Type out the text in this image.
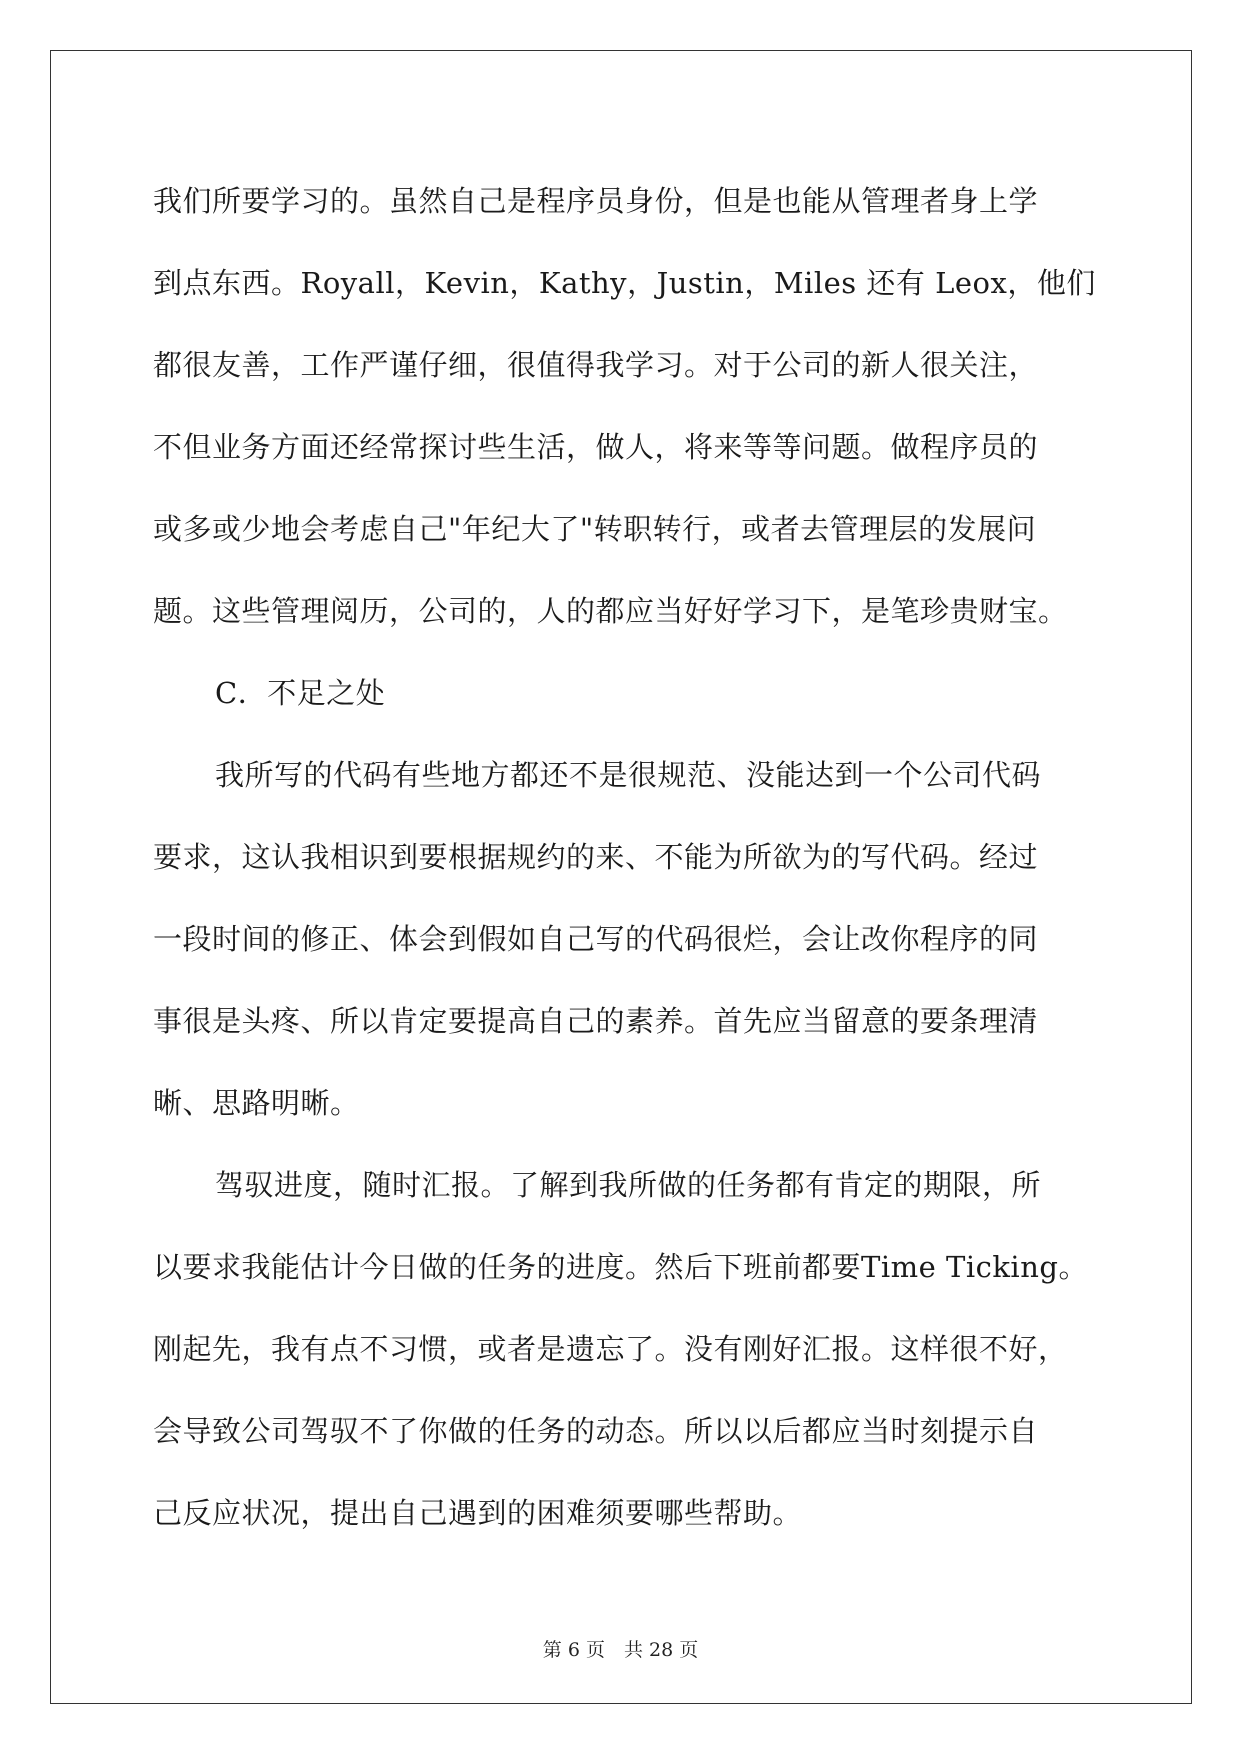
我们所要学习的。虽然自己是程序员身份，但是也能从管理者身上学
到点东西。Royall，Kevin，Kathy，Justin，Miles 还有 Leox，他们
都很友善，工作严谨仔细，很值得我学习。对于公司的新人很关注，
不但业务方面还经常探讨些生活，做人，将来等等问题。做程序员的
或多或少地会考虑自己"年纪大了"转职转行，或者去管理层的发展问
题。这些管理阅历，公司的，人的都应当好好学习下，是笔珍贵财宝。
C．不足之处
我所写的代码有些地方都还不是很规范、没能达到一个公司代码
要求，这认我相识到要根据规约的来、不能为所欲为的写代码。经过
一段时间的修正、体会到假如自己写的代码很烂，会让改你程序的同
事很是头疼、所以肯定要提高自己的素养。首先应当留意的要条理清
晰、思路明晰。
驾驭进度，随时汇报。了解到我所做的任务都有肯定的期限，所
以要求我能估计今日做的任务的进度。然后下班前都要Time Ticking。
刚起先，我有点不习惯，或者是遗忘了。没有刚好汇报。这样很不好，
会导致公司驾驭不了你做的任务的动态。所以以后都应当时刻提示自
己反应状况，提出自己遇到的困难须要哪些帮助。
第 6 页　共 28 页
